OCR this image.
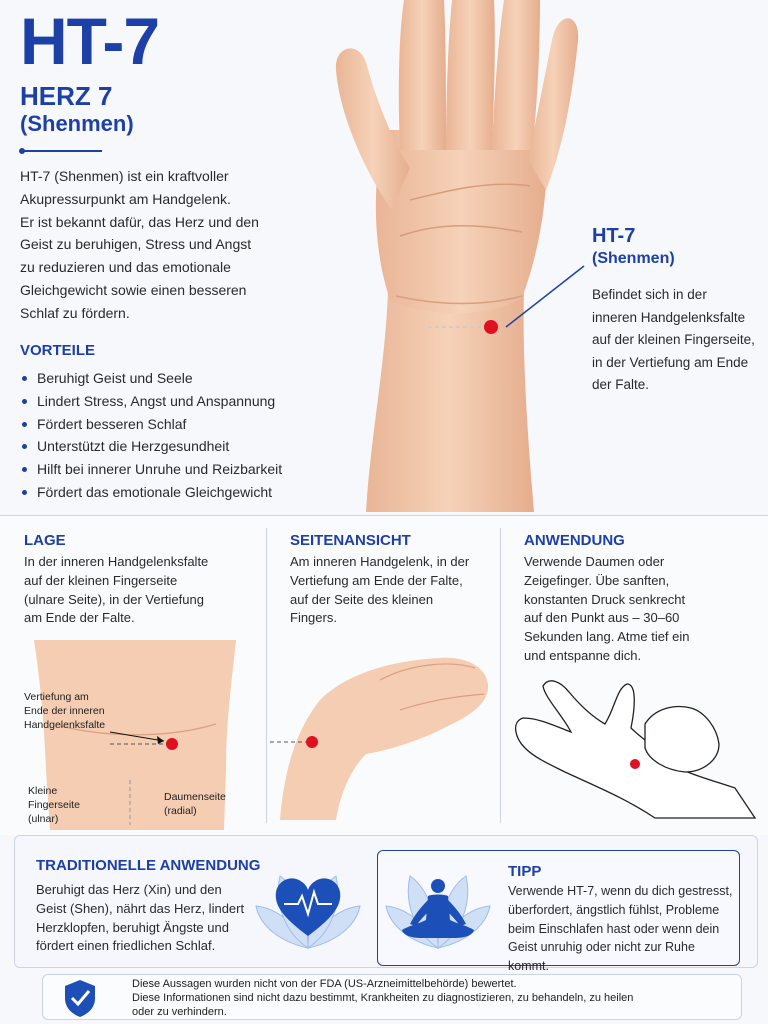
HT-7
HERZ 7
(Shenmen)
HT-7 (Shenmen) ist ein kraftvoller
Akupressurpunkt am Handgelenk.
Er ist bekannt dafür, das Herz und den
Geist zu beruhigen, Stress und Angst
zu reduzieren und das emotionale
Gleichgewicht sowie einen besseren
Schlaf zu fördern.
VORTEILE
Beruhigt Geist und Seele
Lindert Stress, Angst und Anspannung
Fördert besseren Schlaf
Unterstützt die Herzgesundheit
Hilft bei innerer Unruhe und Reizbarkeit
Fördert das emotionale Gleichgewicht
HT-7
(Shenmen)
Befindet sich in der
inneren Handgelenksfalte
auf der kleinen Fingerseite,
in der Vertiefung am Ende
der Falte.
LAGE
In der inneren Handgelenksfalte
auf der kleinen Fingerseite
(ulnare Seite), in der Vertiefung
am Ende der Falte.
Vertiefung am
Ende der inneren
Handgelenksfalte
Kleine
Fingerseite
(ulnar)
Daumenseite
(radial)
SEITENANSICHT
Am inneren Handgelenk, in der
Vertiefung am Ende der Falte,
auf der Seite des kleinen
Fingers.
ANWENDUNG
Verwende Daumen oder
Zeigefinger. Übe sanften,
konstanten Druck senkrecht
auf den Punkt aus – 30–60
Sekunden lang. Atme tief ein
und entspanne dich.
TRADITIONELLE ANWENDUNG
Beruhigt das Herz (Xin) und den
Geist (Shen), nährt das Herz, lindert
Herzklopfen, beruhigt Ängste und
fördert einen friedlichen Schlaf.
TIPP
Verwende HT-7, wenn du dich gestresst,
überfordert, ängstlich fühlst, Probleme
beim Einschlafen hast oder wenn dein
Geist unruhig oder nicht zur Ruhe kommt.
Diese Aussagen wurden nicht von der FDA (US-Arzneimittelbehörde) bewertet.
Diese Informationen sind nicht dazu bestimmt, Krankheiten zu diagnostizieren, zu behandeln, zu heilen
oder zu verhindern.
